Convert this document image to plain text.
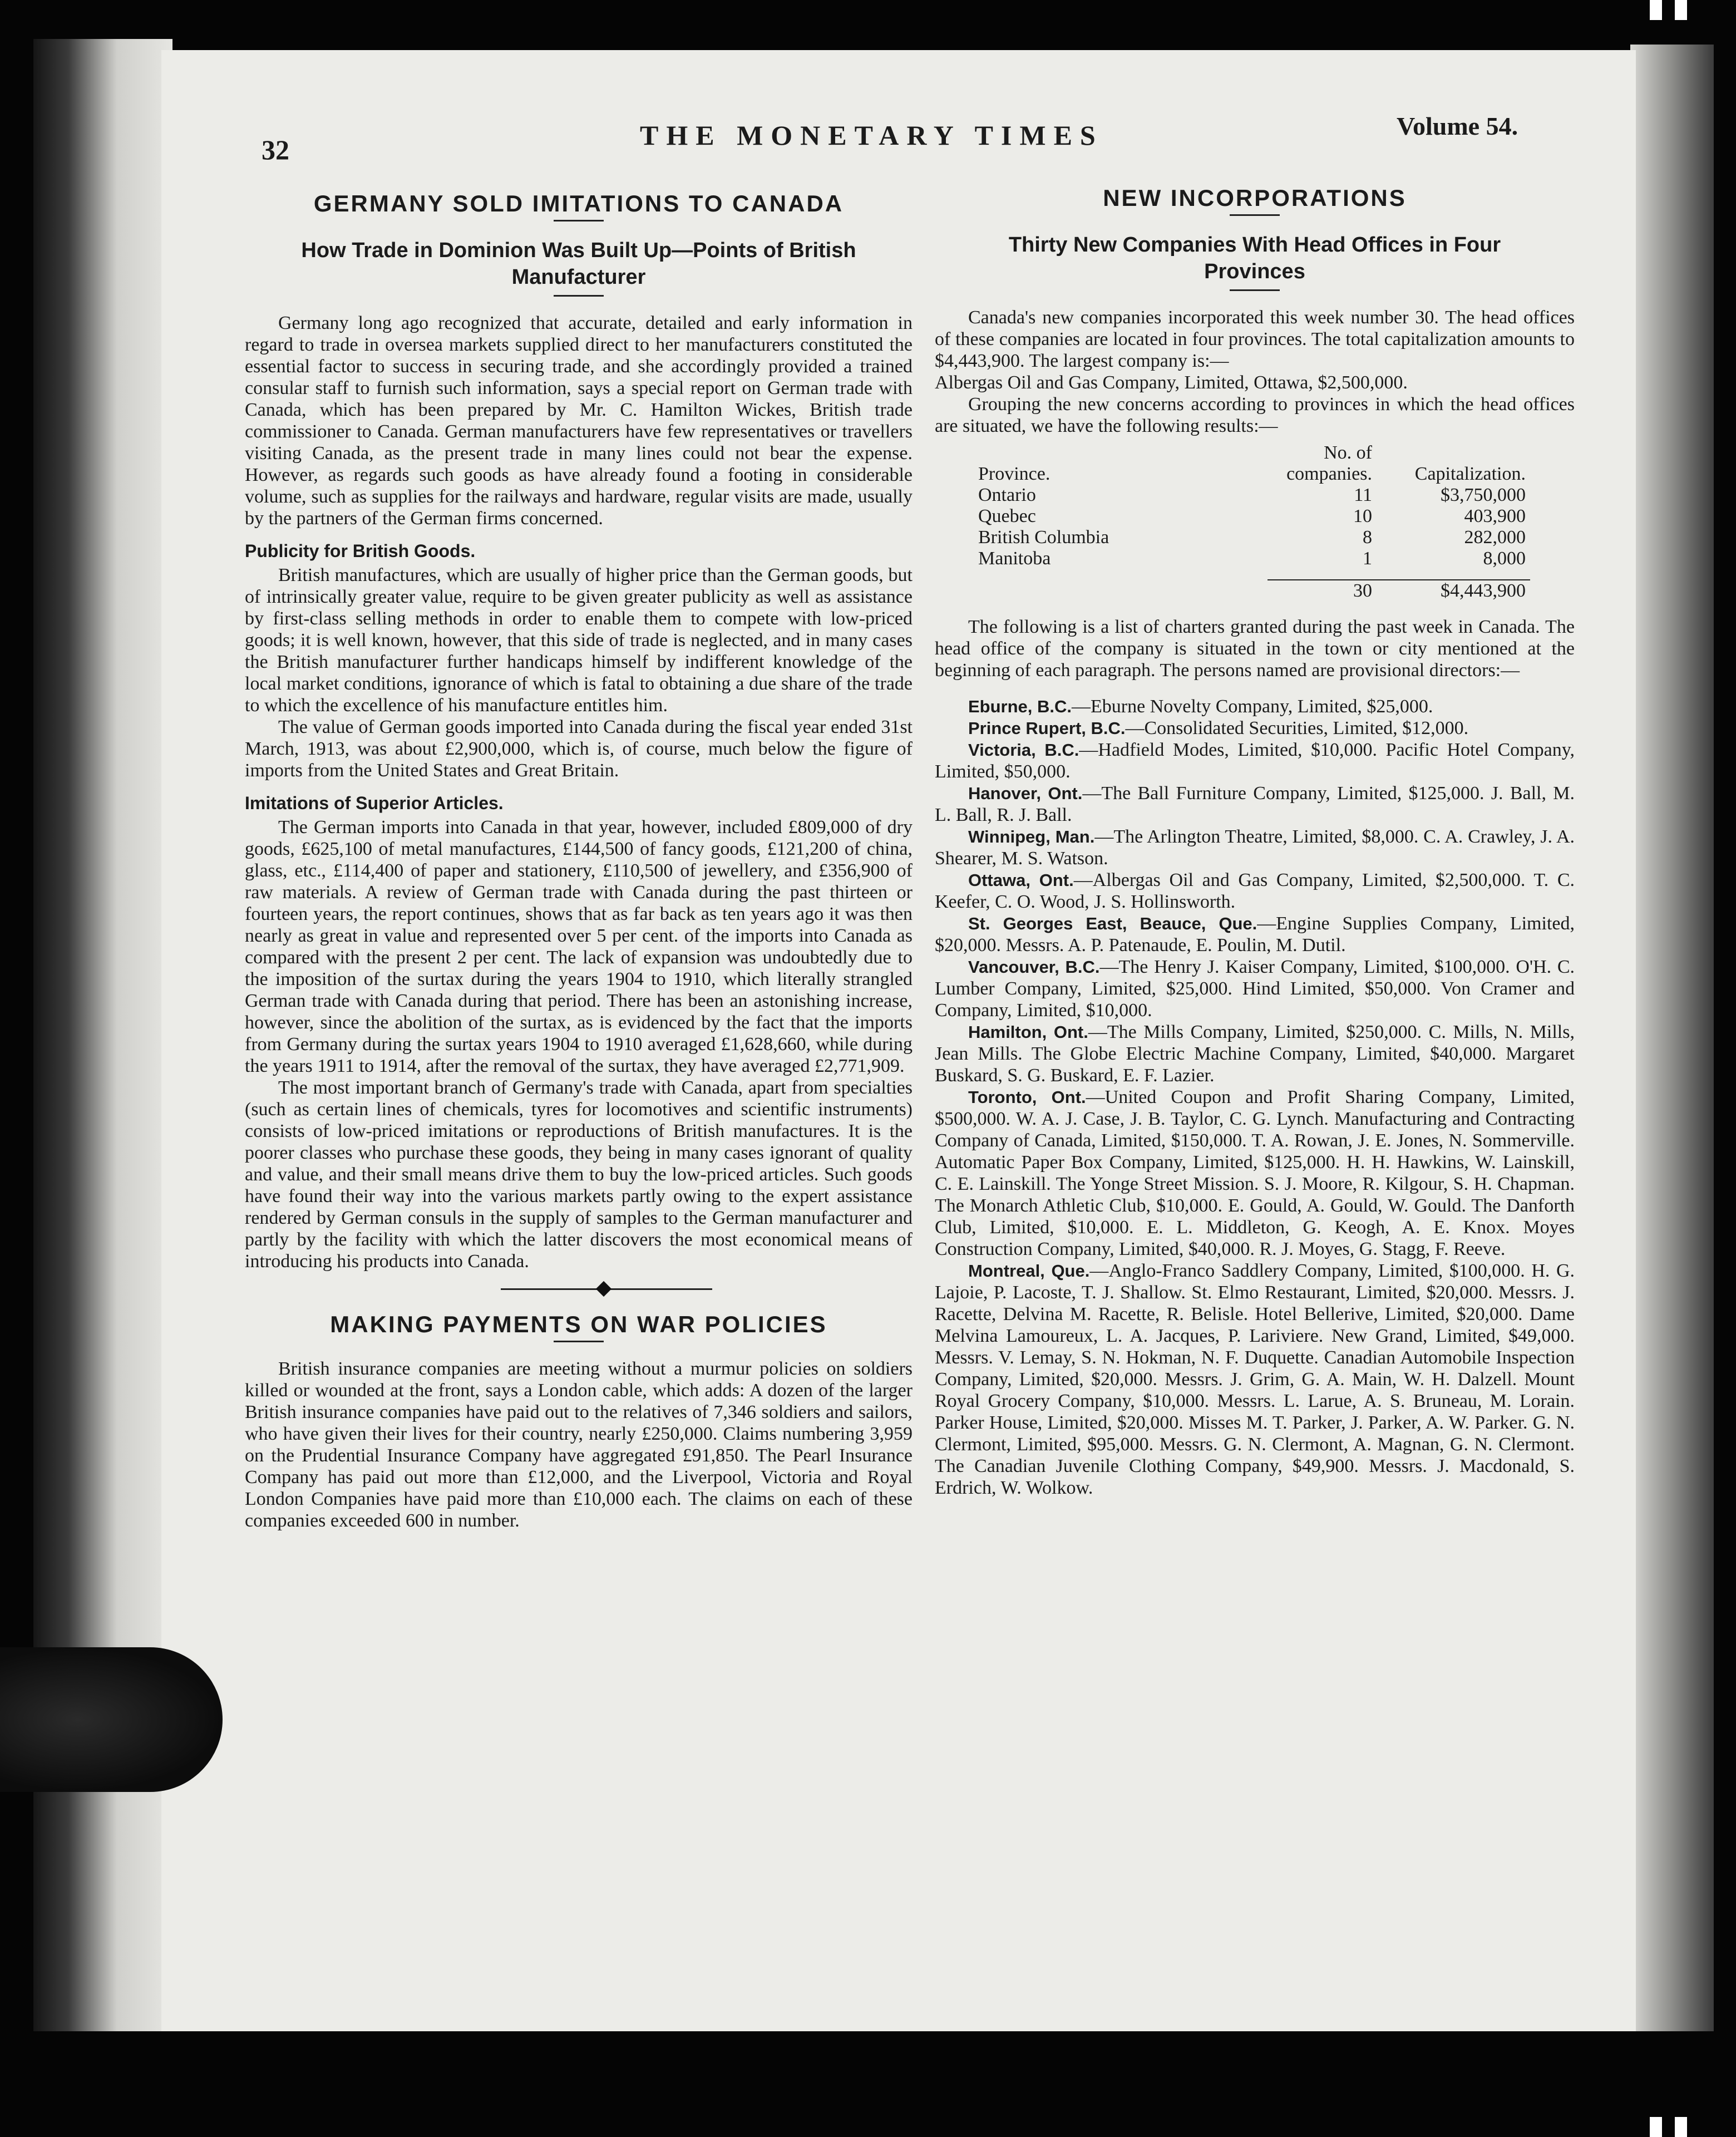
32	THE MONETARY TIMES	Volume 54.
GERMANY SOLD IMITATIONS TO CANADA
How Trade in Dominion Was Built Up—Points of British Manufacturer

Germany long ago recognized that accurate, detailed and early information in regard to trade in oversea markets supplied direct to her manufacturers constituted the essential factor to success in securing trade, and she accordingly provided a trained consular staff to furnish such information, says a special report on German trade with Canada, which has been prepared by Mr. C. Hamilton Wickes, British trade commissioner to Canada. German manufacturers have few representatives or travellers visiting Canada, as the present trade in many lines could not bear the expense. However, as regards such goods as have already found a footing in considerable volume, such as supplies for the railways and hardware, regular visits are made, usually by the partners of the German firms concerned.

Publicity for British Goods.

British manufactures, which are usually of higher price than the German goods, but of intrinsically greater value, require to be given greater publicity as well as assistance by first-class selling methods in order to enable them to compete with low-priced goods; it is well known, however, that this side of trade is neglected, and in many cases the British manufacturer further handicaps himself by indifferent knowledge of the local market conditions, ignorance of which is fatal to obtaining a due share of the trade to which the excellence of his manufacture entitles him.

The value of German goods imported into Canada during the fiscal year ended 31st March, 1913, was about £2,900,000, which is, of course, much below the figure of imports from the United States and Great Britain.

Imitations of Superior Articles.

The German imports into Canada in that year, however, included £809,000 of dry goods, £625,100 of metal manufactures, £144,500 of fancy goods, £121,200 of china, glass, etc., £114,400 of paper and stationery, £110,500 of jewellery, and £356,900 of raw materials. A review of German trade with Canada during the past thirteen or fourteen years, the report continues, shows that as far back as ten years ago it was then nearly as great in value and represented over 5 per cent. of the imports into Canada as compared with the present 2 per cent. The lack of expansion was undoubtedly due to the imposition of the surtax during the years 1904 to 1910, which literally strangled German trade with Canada during that period. There has been an astonishing increase, however, since the abolition of the surtax, as is evidenced by the fact that the imports from Germany during the surtax years 1904 to 1910 averaged £1,628,660, while during the years 1911 to 1914, after the removal of the surtax, they have averaged £2,771,909.

The most important branch of Germany's trade with Canada, apart from specialties (such as certain lines of chemicals, tyres for locomotives and scientific instruments) consists of low-priced imitations or reproductions of British manufactures. It is the poorer classes who purchase these goods, they being in many cases ignorant of quality and value, and their small means drive them to buy the low-priced articles. Such goods have found their way into the various markets partly owing to the expert assistance rendered by German consuls in the supply of samples to the German manufacturer and partly by the facility with which the latter discovers the most economical means of introducing his products into Canada.

MAKING PAYMENTS ON WAR POLICIES

British insurance companies are meeting without a murmur policies on soldiers killed or wounded at the front, says a London cable, which adds: A dozen of the larger British insurance companies have paid out to the relatives of 7,346 soldiers and sailors, who have given their lives for their country, nearly £250,000. Claims numbering 3,959 on the Prudential Insurance Company have aggregated £91,850. The Pearl Insurance Company has paid out more than £12,000, and the Liverpool, Victoria and Royal London Companies have paid more than £10,000 each. The claims on each of these companies exceeded 600 in number.

NEW INCORPORATIONS
Thirty New Companies With Head Offices in Four Provinces

Canada's new companies incorporated this week number 30. The head offices of these companies are located in four provinces. The total capitalization amounts to $4,443,900. The largest company is:—

Albergas Oil and Gas Company, Limited, Ottawa, $2,500,000.

Grouping the new concerns according to provinces in which the head offices are situated, we have the following results:—

Province.	No. of companies.	Capitalization.
Ontario	11	$3,750,000
Quebec	10	403,900
British Columbia	8	282,000
Manitoba	1	8,000

	30	$4,443,900

The following is a list of charters granted during the past week in Canada. The head office of the company is situated in the town or city mentioned at the beginning of each paragraph. The persons named are provisional directors:—

Eburne, B.C.—Eburne Novelty Company, Limited, $25,000.

Prince Rupert, B.C.—Consolidated Securities, Limited, $12,000.

Victoria, B.C.—Hadfield Modes, Limited, $10,000. Pacific Hotel Company, Limited, $50,000.

Hanover, Ont.—The Ball Furniture Company, Limited, $125,000. J. Ball, M. L. Ball, R. J. Ball.

Winnipeg, Man.—The Arlington Theatre, Limited, $8,000. C. A. Crawley, J. A. Shearer, M. S. Watson.

Ottawa, Ont.—Albergas Oil and Gas Company, Limited, $2,500,000. T. C. Keefer, C. O. Wood, J. S. Hollinsworth.

St. Georges East, Beauce, Que.—Engine Supplies Company, Limited, $20,000. Messrs. A. P. Patenaude, E. Poulin, M. Dutil.

Vancouver, B.C.—The Henry J. Kaiser Company, Limited, $100,000. O'H. C. Lumber Company, Limited, $25,000. Hind Limited, $50,000. Von Cramer and Company, Limited, $10,000.

Hamilton, Ont.—The Mills Company, Limited, $250,000. C. Mills, N. Mills, Jean Mills. The Globe Electric Machine Company, Limited, $40,000. Margaret Buskard, S. G. Buskard, E. F. Lazier.

Toronto, Ont.—United Coupon and Profit Sharing Company, Limited, $500,000. W. A. J. Case, J. B. Taylor, C. G. Lynch. Manufacturing and Contracting Company of Canada, Limited, $150,000. T. A. Rowan, J. E. Jones, N. Sommerville. Automatic Paper Box Company, Limited, $125,000. H. H. Hawkins, W. Lainskill, C. E. Lainskill. The Yonge Street Mission. S. J. Moore, R. Kilgour, S. H. Chapman. The Monarch Athletic Club, $10,000. E. Gould, A. Gould, W. Gould. The Danforth Club, Limited, $10,000. E. L. Middleton, G. Keogh, A. E. Knox. Moyes Construction Company, Limited, $40,000. R. J. Moyes, G. Stagg, F. Reeve.

Montreal, Que.—Anglo-Franco Saddlery Company, Limited, $100,000. H. G. Lajoie, P. Lacoste, T. J. Shallow. St. Elmo Restaurant, Limited, $20,000. Messrs. J. Racette, Delvina M. Racette, R. Belisle. Hotel Bellerive, Limited, $20,000. Dame Melvina Lamoureux, L. A. Jacques, P. Lariviere. New Grand, Limited, $49,000. Messrs. V. Lemay, S. N. Hokman, N. F. Duquette. Canadian Automobile Inspection Company, Limited, $20,000. Messrs. J. Grim, G. A. Main, W. H. Dalzell. Mount Royal Grocery Company, $10,000. Messrs. L. Larue, A. S. Bruneau, M. Lorain. Parker House, Limited, $20,000. Misses M. T. Parker, J. Parker, A. W. Parker. G. N. Clermont, Limited, $95,000. Messrs. G. N. Clermont, A. Magnan, G. N. Clermont. The Canadian Juvenile Clothing Company, $49,900. Messrs. J. Macdonald, S. Erdrich, W. Wolkow.
